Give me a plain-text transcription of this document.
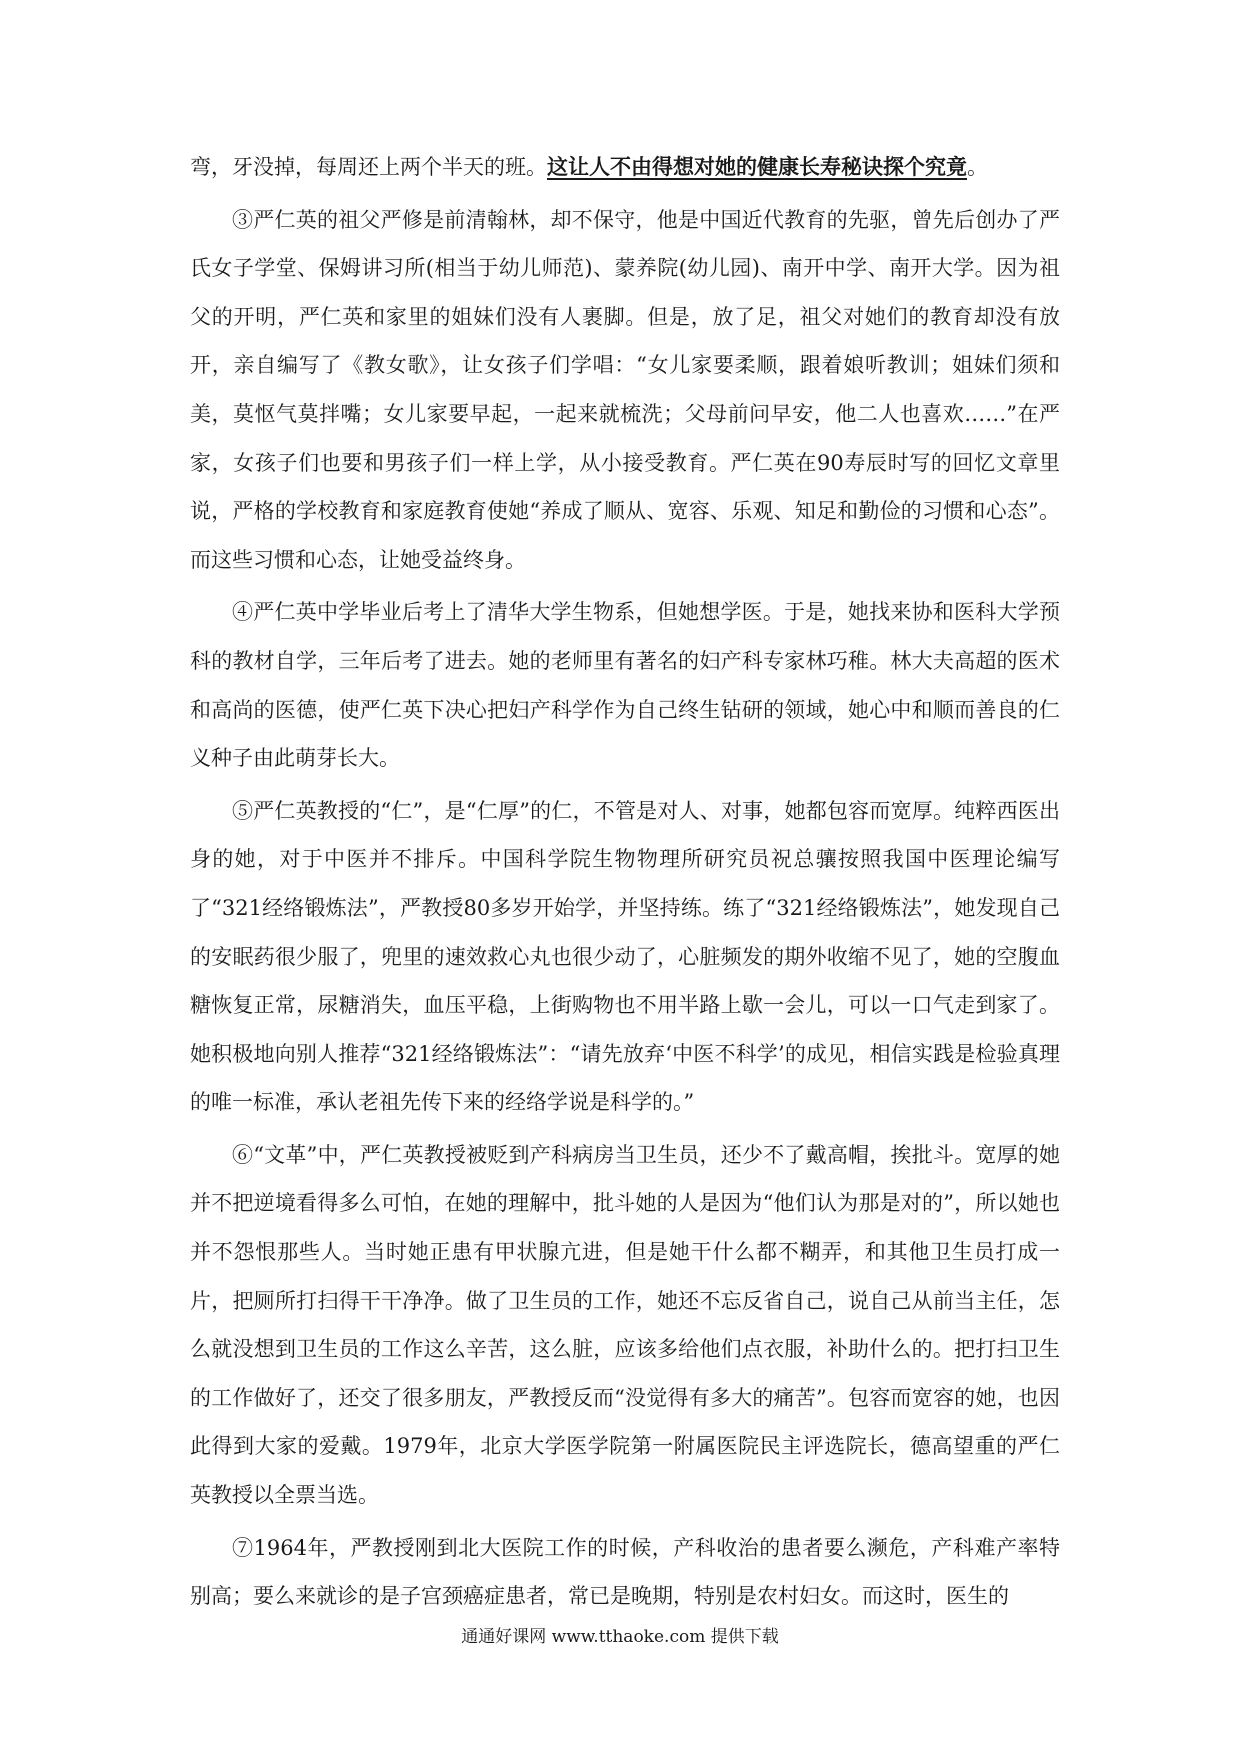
弯，牙没掉，每周还上两个半天的班。这让人不由得想对她的健康长寿秘诀探个究竟。

③严仁英的祖父严修是前清翰林，却不保守，他是中国近代教育的先驱，曾先后创办了严氏女子学堂、保姆讲习所(相当于幼儿师范)、蒙养院(幼儿园)、南开中学、南开大学。因为祖父的开明，严仁英和家里的姐妹们没有人裹脚。但是，放了足，祖父对她们的教育却没有放开，亲自编写了《教女歌》，让女孩子们学唱：“女儿家要柔顺，跟着娘听教训；姐妹们须和美，莫怄气莫拌嘴；女儿家要早起，一起来就梳洗；父母前问早安，他二人也喜欢……”在严家，女孩子们也要和男孩子们一样上学，从小接受教育。严仁英在90寿辰时写的回忆文章里说，严格的学校教育和家庭教育使她“养成了顺从、宽容、乐观、知足和勤俭的习惯和心态”。而这些习惯和心态，让她受益终身。

④严仁英中学毕业后考上了清华大学生物系，但她想学医。于是，她找来协和医科大学预科的教材自学，三年后考了进去。她的老师里有著名的妇产科专家林巧稚。林大夫高超的医术和高尚的医德，使严仁英下决心把妇产科学作为自己终生钻研的领域，她心中和顺而善良的仁义种子由此萌芽长大。

⑤严仁英教授的“仁”，是“仁厚”的仁，不管是对人、对事，她都包容而宽厚。纯粹西医出身的她，对于中医并不排斥。中国科学院生物物理所研究员祝总骧按照我国中医理论编写了“321经络锻炼法”，严教授80多岁开始学，并坚持练。练了“321经络锻炼法”，她发现自己的安眠药很少服了，兜里的速效救心丸也很少动了，心脏频发的期外收缩不见了，她的空腹血糖恢复正常，尿糖消失，血压平稳，上街购物也不用半路上歇一会儿，可以一口气走到家了。她积极地向别人推荐“321经络锻炼法”：“请先放弃‘中医不科学’的成见，相信实践是检验真理的唯一标准，承认老祖先传下来的经络学说是科学的。”

⑥“文革”中，严仁英教授被贬到产科病房当卫生员，还少不了戴高帽，挨批斗。宽厚的她并不把逆境看得多么可怕，在她的理解中，批斗她的人是因为“他们认为那是对的”，所以她也并不怨恨那些人。当时她正患有甲状腺亢进，但是她干什么都不糊弄，和其他卫生员打成一片，把厕所打扫得干干净净。做了卫生员的工作，她还不忘反省自己，说自己从前当主任，怎么就没想到卫生员的工作这么辛苦，这么脏，应该多给他们点衣服，补助什么的。把打扫卫生的工作做好了，还交了很多朋友，严教授反而“没觉得有多大的痛苦”。包容而宽容的她，也因此得到大家的爱戴。1979年，北京大学医学院第一附属医院民主评选院长，德高望重的严仁英教授以全票当选。

⑦1964年，严教授刚到北大医院工作的时候，产科收治的患者要么濒危，产科难产率特别高；要么来就诊的是子宫颈癌症患者，常已是晚期，特别是农村妇女。而这时，医生的

通通好课网 www.tthaoke.com 提供下载
